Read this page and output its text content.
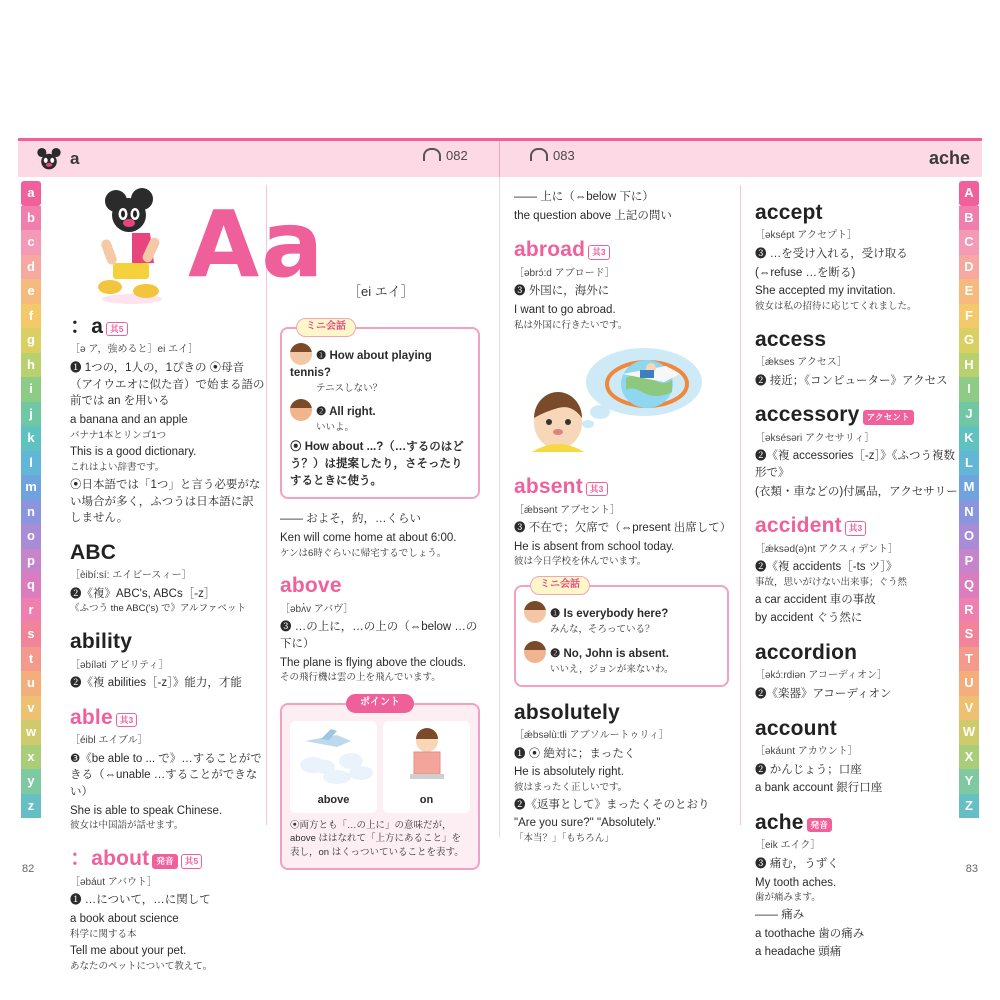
a	082	083	ache
a
b
c
d
e
f
g
h
i
j
k
l
m
n
o
p
q
r
s
t
u
v
w
x
y
z
A
B
C
D
E
F
G
H
I
J
K
L
M
N
O
P
Q
R
S
T
U
V
W
X
Y
Z
Aa ［ei エイ］
：a 其5
［ə ア，強めると］ei エイ］
❶ 1つの，1人の，1ぴきの ⦿母音（アイウエオに似た音）で始まる語の前では an を用いる
a banana and an apple
バナナ1本とリンゴ1つ
This is a good dictionary.
これはよい辞書です。
⦿日本語では「1つ」と言う必要がない場合が多く，ふつうは日本語に訳しません。
ABC
［èibí:sí: エイビースィー］
❷《複》ABC's, ABCs［-z］
《ふつう the ABC('s) で》アルファベット
ability
［əbíləti アビリティ］
❷《複 abilities［-z］》能力，才能
able 其3
［éibl エイブル］
❸《be able to ... で》…することができる（⇔unable …することができない）
She is able to speak Chinese.
彼女は中国語が話せます。
：about 発音 其5
［əbáut アバウト］
❶ …について，…に関して
a book about science
科学に関する本
Tell me about your pet.
あなたのペットについて教えて。
ミニ会話
❶ How about playing tennis?
テニスしない？
❷ All right.
いいよ。
⦿ How about ...?（…するのはどう？）は提案したり，さそったりするときに使う。
―― およそ，約，…くらい
Ken will come home at about 6:00.
ケンは6時ぐらいに帰宅するでしょう。
above
［əbʌ́v アバヴ］
❸ …の上に，…の上の（⇔below …の下に）
The plane is flying above the clouds.
その飛行機は雲の上を飛んでいます。
ポイント
above	on
⦿両方とも「…の上に」の意味だが，above ははなれて「上方にあること」を表し，on はくっついていることを表す。
―― 上に（⇔below 下に）
the question above 上記の問い
abroad 其3
［əbrɔ́:d アブロード］
❸ 外国に，海外に
I want to go abroad.
私は外国に行きたいです。
absent 其3
［ǽbsənt アブセント］
❸ 不在で；欠席で（⇔present 出席して）
He is absent from school today.
彼は今日学校を休んでいます。
ミニ会話
❶ Is everybody here?
みんな，そろっている？
❷ No, John is absent.
いいえ，ジョンが来ないわ。
absolutely
［ǽbsəlù:tli アブソルートゥリィ］
❶ ⦿ 絶対に；まったく
He is absolutely right.
彼はまったく正しいです。
❷《返事として》まったくそのとおり
"Are you sure?" "Absolutely."
「本当？」「もちろん」
accept
［əksépt アクセプト］
❸ …を受け入れる，受け取る
(⇔refuse …を断る)
She accepted my invitation.
彼女は私の招待に応じてくれました。
access
［ǽkses アクセス］
❷ 接近；《コンピューター》アクセス
accessory アクセント
［əksésəri アクセサリィ］
❷《複 accessories［-z］》《ふつう複数形で》
(衣類・車などの)付属品，アクセサリー
accident 其3
［ǽksəd(ə)nt アクスィデント］
❷《複 accidents［-ts ツ］》
事故，思いがけない出来事；ぐう然
a car accident 車の事故
by accident ぐう然に
accordion
［əkɔ́:rdiən アコーディオン］
❷《楽器》アコーディオン
account
［əkáunt アカウント］
❷ かんじょう；口座
a bank account 銀行口座
ache 発音
［eik エイク］
❸ 痛む，うずく
My tooth aches.
歯が痛みます。
―― 痛み
a toothache 歯の痛み
a headache 頭痛
82	83
